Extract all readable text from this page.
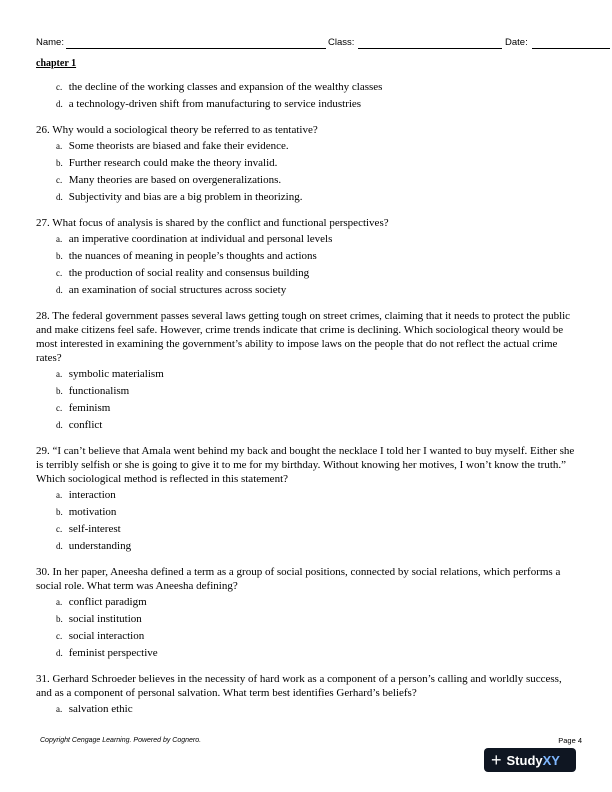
Name:	Class:	Date:
chapter 1
c. the decline of the working classes and expansion of the wealthy classes
d. a technology-driven shift from manufacturing to service industries
26. Why would a sociological theory be referred to as tentative?
a. Some theorists are biased and fake their evidence.
b. Further research could make the theory invalid.
c. Many theories are based on overgeneralizations.
d. Subjectivity and bias are a big problem in theorizing.
27. What focus of analysis is shared by the conflict and functional perspectives?
a. an imperative coordination at individual and personal levels
b. the nuances of meaning in people’s thoughts and actions
c. the production of social reality and consensus building
d. an examination of social structures across society
28. The federal government passes several laws getting tough on street crimes, claiming that it needs to protect the public and make citizens feel safe. However, crime trends indicate that crime is declining. Which sociological theory would be most interested in examining the government’s ability to impose laws on the people that do not reflect the actual crime rates?
a. symbolic materialism
b. functionalism
c. feminism
d. conflict
29. “I can’t believe that Amala went behind my back and bought the necklace I told her I wanted to buy myself. Either she is terribly selfish or she is going to give it to me for my birthday. Without knowing her motives, I won’t know the truth.” Which sociological method is reflected in this statement?
a. interaction
b. motivation
c. self-interest
d. understanding
30. In her paper, Aneesha defined a term as a group of social positions, connected by social relations, which performs a social role. What term was Aneesha defining?
a. conflict paradigm
b. social institution
c. social interaction
d. feminist perspective
31. Gerhard Schroeder believes in the necessity of hard work as a component of a person’s calling and worldly success, and as a component of personal salvation. What term best identifies Gerhard’s beliefs?
a. salvation ethic
Copyright Cengage Learning. Powered by Cognero.	Page 4
+ Study XY
